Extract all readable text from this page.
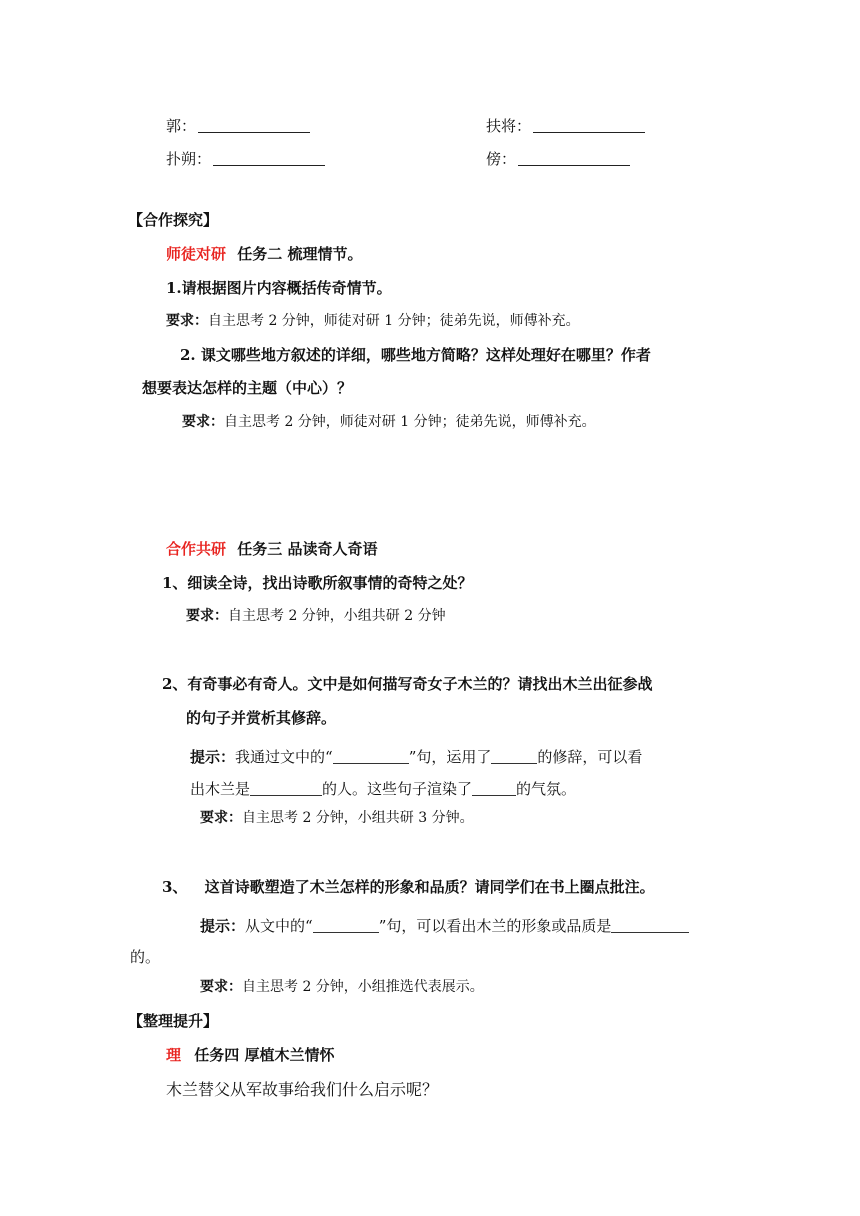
郭：	扶将：
扑朔：	傍：
【合作探究】
师徒对研 任务二 梳理情节。
1.请根据图片内容概括传奇情节。
要求：自主思考 2 分钟，师徒对研 1 分钟；徒弟先说，师傅补充。
2. 课文哪些地方叙述的详细，哪些地方简略？这样处理好在哪里？作者
想要表达怎样的主题（中心）？
要求：自主思考 2 分钟，师徒对研 1 分钟；徒弟先说，师傅补充。
合作共研 任务三 品读奇人奇语
1、细读全诗，找出诗歌所叙事情的奇特之处？
要求：自主思考 2 分钟，小组共研 2 分钟
2、有奇事必有奇人。文中是如何描写奇女子木兰的？请找出木兰出征参战
的句子并赏析其修辞。
提示：我通过文中的“	”句，运用了	的修辞，可以看
出木兰是	的人。这些句子渲染了	的气氛。
要求：自主思考 2 分钟，小组共研 3 分钟。
3、 这首诗歌塑造了木兰怎样的形象和品质？请同学们在书上圈点批注。
提示：从文中的“	”句，可以看出木兰的形象或品质是
的。
要求：自主思考 2 分钟，小组推选代表展示。
【整理提升】
理 任务四 厚植木兰情怀
木兰替父从军故事给我们什么启示呢？
